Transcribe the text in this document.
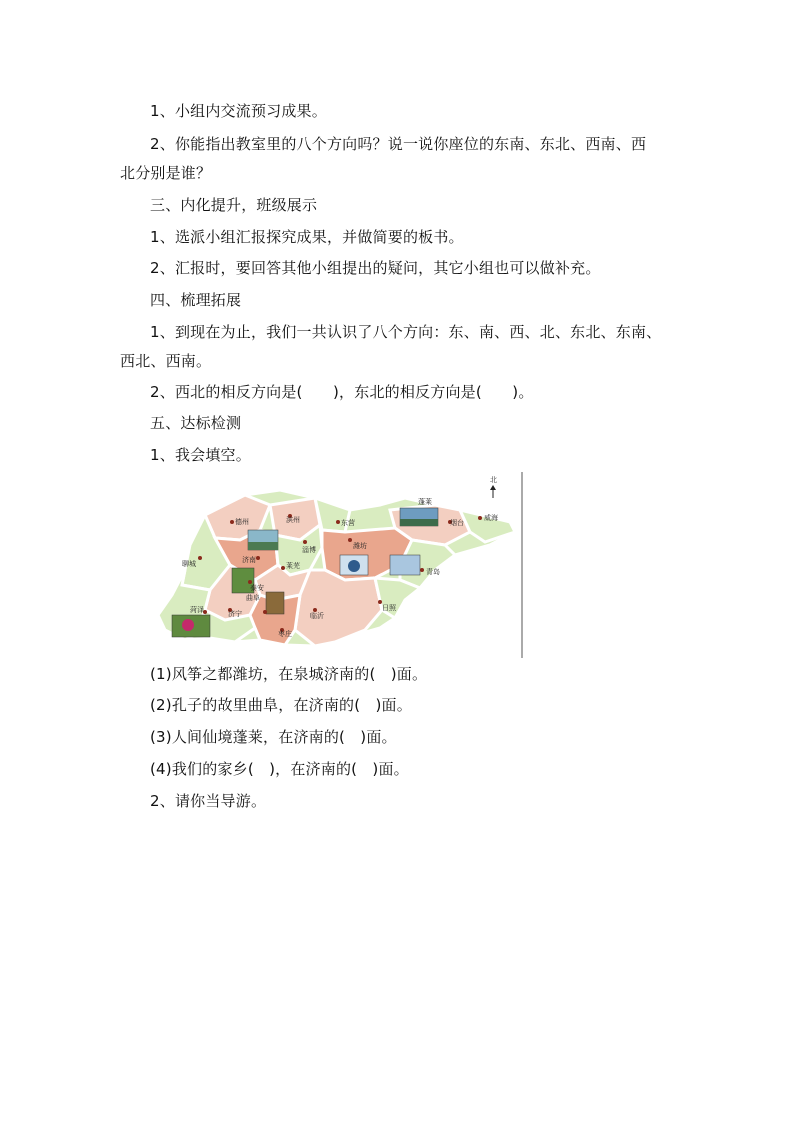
1、小组内交流预习成果。
2、你能指出教室里的八个方向吗？说一说你座位的东南、东北、西南、西
北分别是谁？
三、内化提升，班级展示
1、选派小组汇报探究成果，并做简要的板书。
2、汇报时，要回答其他小组提出的疑问，其它小组也可以做补充。
四、梳理拓展
1、到现在为止，我们一共认识了八个方向：东、南、西、北、东北、东南、
西北、西南。
2、西北的相反方向是(　　)，东北的相反方向是(　　)。
五、达标检测
1、我会填空。
德州	滨州	东营
蓬莱
烟台
威海
聊城	济南
淄博	潍坊
莱芜
泰安
青岛
曲阜
菏泽	济宁	临沂
日照
枣庄
北
(1)风筝之都潍坊，在泉城济南的(　)面。
(2)孔子的故里曲阜，在济南的(　)面。
(3)人间仙境蓬莱，在济南的(　)面。
(4)我们的家乡(　)，在济南的(　)面。
2、请你当导游。
